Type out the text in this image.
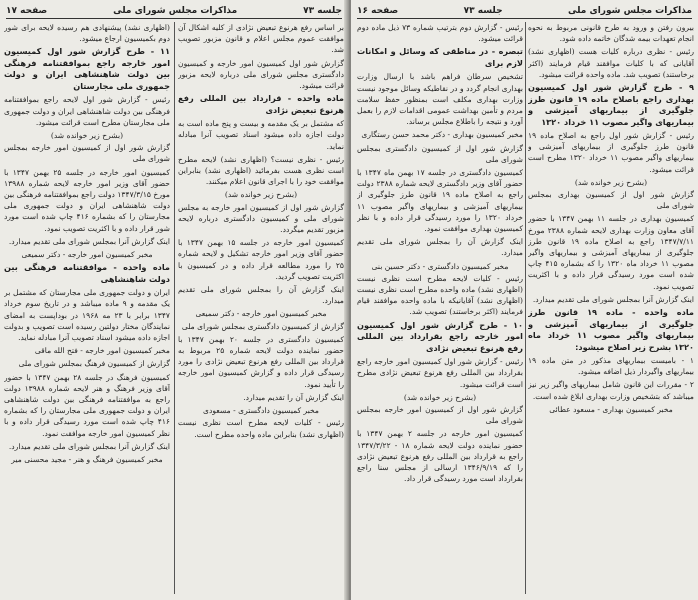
جلسه ۷۳
مذاکرات مجلس شورای ملی
صفحه ۱۷
بر اساس رفع هرنوع تبعیض نژادی از کلیه اشکال آن موافقت عموم مجلس اعلام و قانون مزبور تصویب شد.
گزارش شور اول کمیسیون امور خارجه و کمیسیون دادگستری مجلس شورای ملی درباره لایحه مزبور قرائت میشود.
ماده واحده - قرارداد بین المللی رفع هرنوع تبعیض نژادی
که مشتمل بر یک مقدمه و بیست و پنج ماده است به دولت اجازه داده میشود اسناد تصویب آنرا مبادله نماید.
رئیس - نظری نیست؟ (اظهاری نشد) لایحه مطرح است نظری هست بفرمائید (اظهاری نشد) بنابراین موافقت خود را با اجرای قانون اعلام میکنند.
(بشرح زیر خوانده شد)
گزارش شور اول از کمیسیون امور خارجه به مجلس شورای ملی و کمیسیون دادگستری درباره لایحه مزبور تقدیم میگردد.
کمیسیون امور خارجه در جلسه ۱۵ بهمن ۱۳۴۷ با حضور آقای وزیر امور خارجه تشکیل و لایحه شماره ۲۵ را مورد مطالعه قرار داده و در کمیسیون با اکثریت تصویب گردید.
اینک گزارش آن را بمجلس شورای ملی تقدیم میدارد.
مخبر کمیسیون امور خارجه - دکتر سمیعی
گزارش از کمیسیون دادگستری بمجلس شورای ملی
کمیسیون دادگستری در جلسه ۲۰ بهمن ۱۳۴۷ با حضور نماینده دولت لایحه شماره ۲۵ مربوط به قرارداد بین المللی رفع هرنوع تبعیض نژادی را مورد رسیدگی قرار داده و گزارش کمیسیون امور خارجه را تأیید نمود.
اینک گزارش آن را تقدیم میدارد.
مخبر کمیسیون دادگستری - مسعودی
رئیس - کلیات لایحه مطرح است نظری نیست (اظهاری نشد) بنابراین ماده واحده مطرح است.
(اظهاری نشد) پیشنهادی هم رسیده لایحه برای شور دوم بکمیسیون ارجاع میشود.
۱۱ - طرح گزارش شور اول کمیسیون امور خارجه راجع بموافقتنامه فرهنگی بین دولت شاهنشاهی ایران و دولت جمهوری ملی مجارستان
رئیس - گزارش شور اول لایحه راجع بموافقتنامه فرهنگی بین دولت شاهنشاهی ایران و دولت جمهوری ملی مجارستان مطرح است قرائت میشود.
(بشرح زیر خوانده شد)
گزارش شور اول از کمیسیون امور خارجه بمجلس شورای ملی
کمیسیون امور خارجه در جلسه ۲۵ بهمن ۱۳۴۷ با حضور آقای وزیر امور خارجه لایحه شماره ۱۳۹۸۸ مورخ ۱۳۴۷/۳/۱۵ دولت راجع بموافقتنامه فرهنگی بین دولت شاهنشاهی ایران و دولت جمهوری ملی مجارستان را که بشماره ۴۱۶ چاپ شده است مورد شور قرار داده و با اکثریت تصویب نمود.
اینک گزارش آنرا بمجلس شورای ملی تقدیم میدارد.
مخبر کمیسیون امور خارجه - دکتر سمیعی
ماده واحده - موافقتنامه فرهنگی بین دولت شاهنشاهی
ایران و دولت جمهوری ملی مجارستان که مشتمل بر یک مقدمه و ۹ ماده میباشد و در تاریخ سوم خرداد ۱۳۴۷ برابر با ۲۳ مه ۱۹۶۸ در بوداپست به امضای نمایندگان مختار دولتین رسیده است تصویب و بدولت اجازه داده میشود اسناد تصویب آنرا مبادله نماید.
مخبر کمیسیون امور خارجه - فتح الله ماقی
گزارش از کمیسیون فرهنگ بمجلس شورای ملی
کمیسیون فرهنگ در جلسه ۲۸ بهمن ۱۳۴۷ با حضور آقای وزیر فرهنگ و هنر لایحه شماره ۱۳۹۸۸ دولت راجع به موافقتنامه فرهنگی بین دولت شاهنشاهی ایران و دولت جمهوری ملی مجارستان را که بشماره ۴۱۶ چاپ شده است مورد رسیدگی قرار داده و با نظر کمیسیون امور خارجه موافقت نمود.
اینک گزارش آنرا بمجلس شورای ملی تقدیم میدارد.
مخبر کمیسیون فرهنگ و هنر - مجید محسنی میر
مذاکرات مجلس شورای ملی
جلسه ۷۳
صفحه ۱۶
بیرون رفتن و ورود به طرح قانونی مربوط به نحوه انجام تعهدات بیمه شدگان خاتمه داده شود.
رئیس - نظری درباره کلیات هست (اظهاری نشد) آقایانی که با کلیات موافقند قیام فرمایند (اکثر برخاستند) تصویب شد. ماده واحده قرائت میشود.
۹ - طرح گزارش شور اول کمیسیون بهداری راجع باصلاح ماده ۱۹ قانون طرز جلوگیری از بیماریهای آمیزشی و بیماریهای واگیر مصوب ۱۱ خرداد ۱۳۲۰
رئیس - گزارش شور اول راجع به اصلاح ماده ۱۹ قانون طرز جلوگیری از بیماریهای آمیزشی و بیماریهای واگیر مصوب ۱۱ خرداد ۱۳۲۰ مطرح است قرائت میشود.
(بشرح زیر خوانده شد)
گزارش شور اول از کمیسیون بهداری بمجلس شورای ملی
کمیسیون بهداری در جلسه ۱۱ بهمن ۱۳۴۷ با حضور آقای معاون وزارت بهداری لایحه شماره ۲۳۸۸ مورخ ۱۳۴۷/۷/۱۱ راجع به اصلاح ماده ۱۹ قانون طرز جلوگیری از بیماریهای آمیزشی و بیماریهای واگیر مصوب ۱۱ خرداد ماه ۱۳۲۰ را که بشماره ۴۱۵ چاپ شده است مورد رسیدگی قرار داده و با اکثریت تصویب نمود.
اینک گزارش آنرا بمجلس شورای ملی تقدیم میدارد.
ماده واحده - ماده ۱۹ قانون طرز جلوگیری از بیماریهای آمیزشی و بیماریهای واگیر مصوب ۱۱ خرداد ماه ۱۳۲۰ بشرح زیر اصلاح میشود:
۱ - بامیست بیماریهای مذکور در متن ماده ۱۹ بیماریهای واگیردار ذیل اضافه میشود.
۲ - مقررات این قانون شامل بیماریهای واگیر زیر نیز میباشد که بتشخیص وزارت بهداری ابلاغ شده است.
مخبر کمیسیون بهداری - مسعود عطائی
رئیس - گزارش دوم بترتیب شماره ۷۳ ذیل ماده دوم قرائت میشود.
تبصره - در مناطقی که وسائل و امکانات لازم برای
تشخیص سرطان فراهم باشد با ارسال وزارت بهداری انجام گردد و در نقاطیکه وسائل موجود نیست وزارت بهداری مکلف است بمنظور حفظ سلامت مردم و تأمین بهداشت عمومی اقدامات لازم را بعمل آورد و نتیجه را باطلاع مجلس برساند.
مخبر کمیسیون بهداری - دکتر محمد حسن رستگاری
گزارش شور اول از کمیسیون دادگستری بمجلس شورای ملی
کمیسیون دادگستری در جلسه ۱۷ بهمن ماه ۱۳۴۷ با حضور آقای وزیر دادگستری لایحه شماره ۲۳۸۸ دولت راجع به اصلاح ماده ۱۹ قانون طرز جلوگیری از بیماریهای آمیزشی و بیماریهای واگیر مصوب ۱۱ خرداد ۱۳۲۰ را مورد رسیدگی قرار داده و با نظر کمیسیون بهداری موافقت نمود.
اینک گزارش آن را بمجلس شورای ملی تقدیم میدارد.
مخبر کمیسیون دادگستری - دکتر حسین بنی
رئیس - کلیات لایحه مطرح است نظری نیست (اظهاری نشد) ماده واحده مطرح است نظری نیست (اظهاری نشد) آقایانیکه با ماده واحده موافقند قیام فرمایند (اکثر برخاستند) تصویب شد.
۱۰ - طرح گزارش شور اول کمیسیون امور خارجه راجع بقرارداد بین المللی رفع هرنوع تبعیض نژادی
رئیس - گزارش شور اول کمیسیون امور خارجه راجع بقرارداد بین المللی رفع هرنوع تبعیض نژادی مطرح است قرائت میشود.
(بشرح زیر خوانده شد)
گزارش شور اول از کمیسیون امور خارجه بمجلس شورای ملی
کمیسیون امور خارجه در جلسه ۲ بهمن ۱۳۴۷ با حضور نماینده دولت لایحه شماره ۱۸ - ۱۳۴۷/۳/۲۲ راجع به قرارداد بین المللی رفع هرنوع تبعیض نژادی را که ۱۳۴۶/۹/۱۹ ارسالی از مجلس سنا راجع بقرارداد است مورد رسیدگی قرار داد.
